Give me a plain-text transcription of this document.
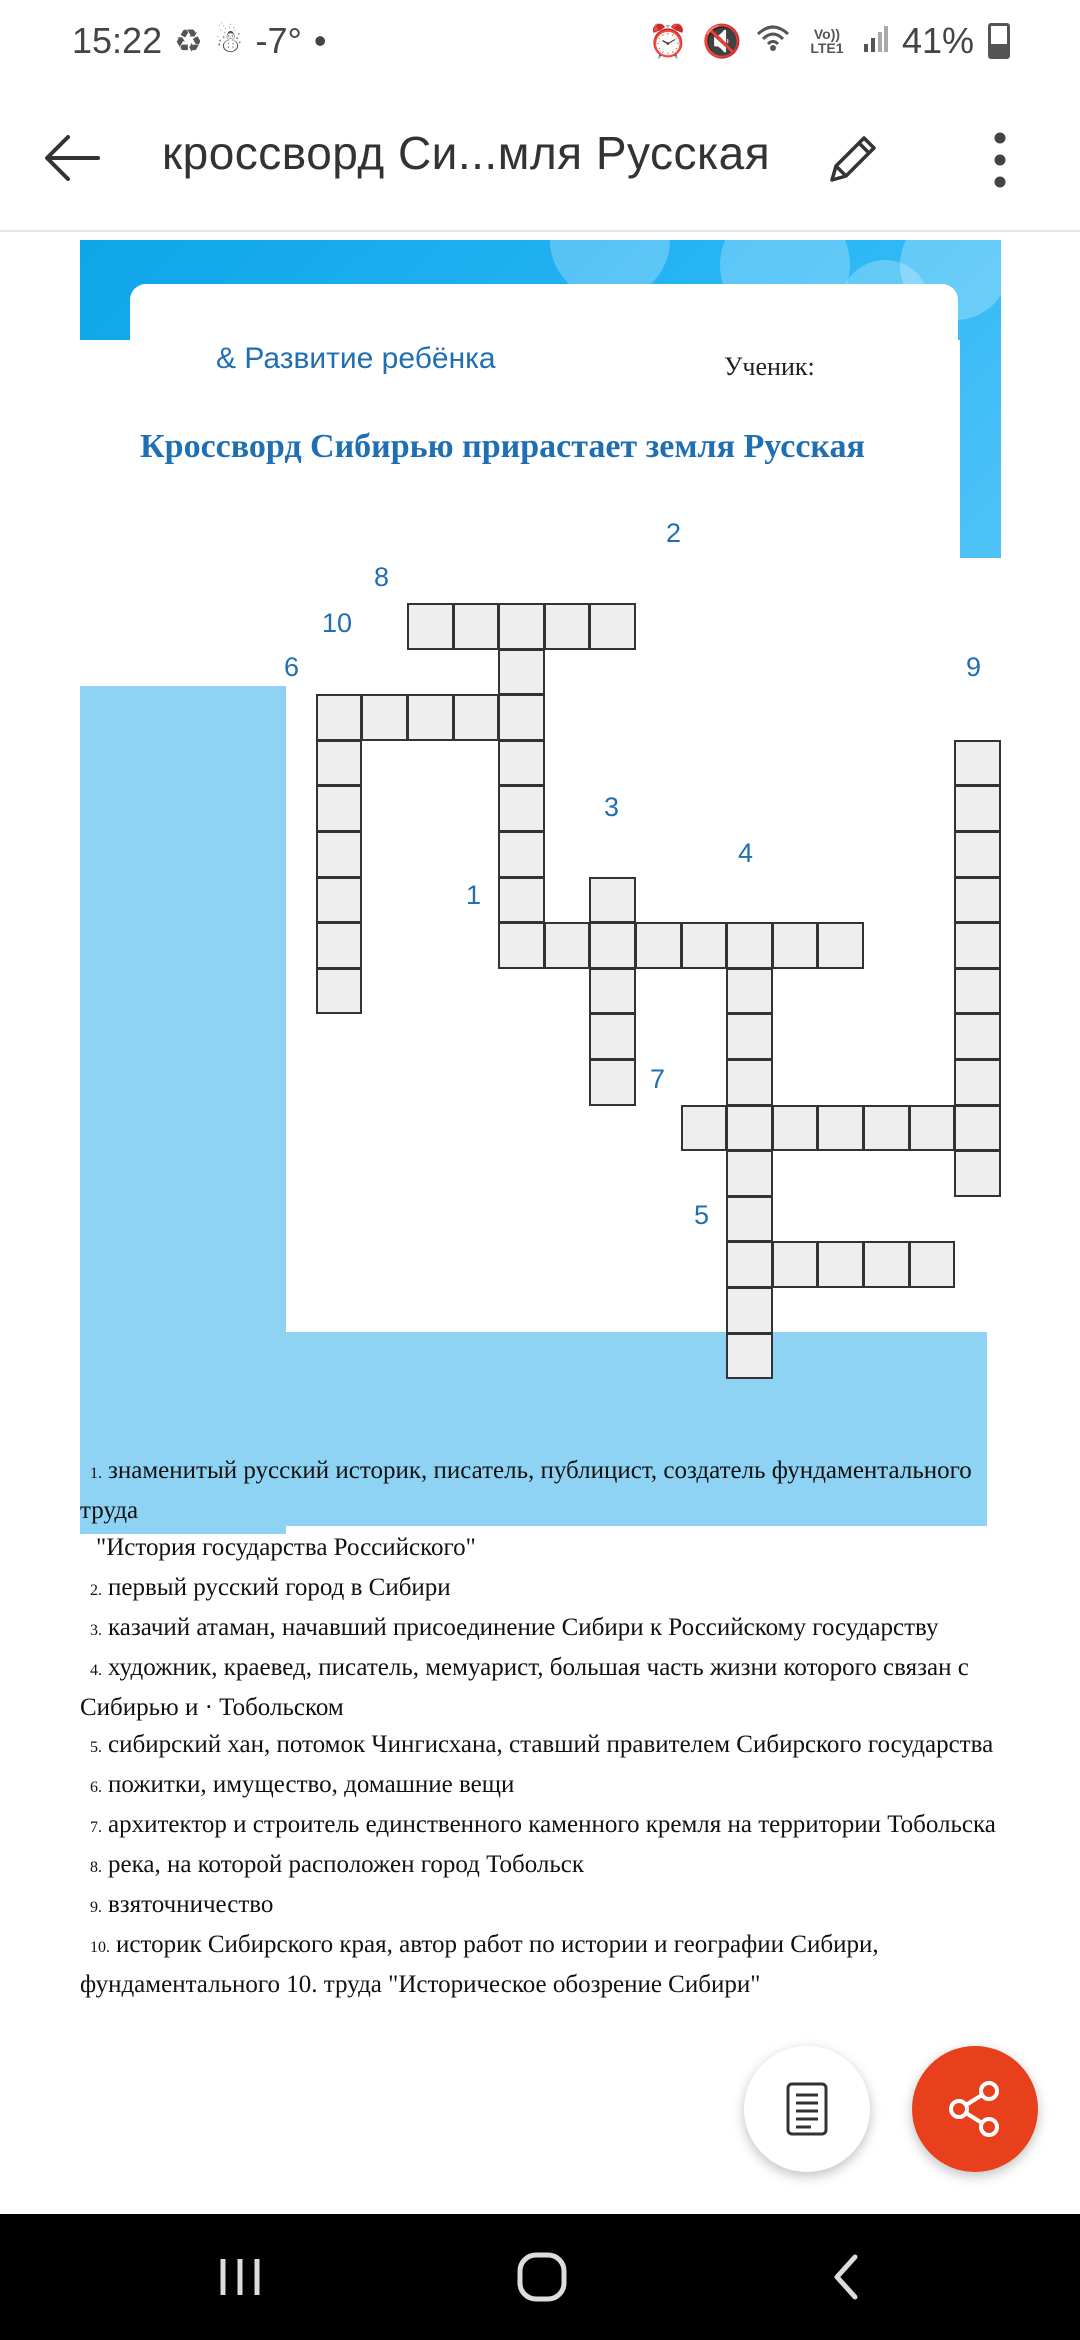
15:22 ♻ ☃ -7° •	⏰ 🔇	Vo)) LTE1 41%
кроссворд Си...мля Русская
& Развитие ребёнка	Ученик:
Кроссворд Сибирью прирастает земля Русская
8
2
10
6	9
3
4
1
7
5
1. знаменитый русский историк, писатель, публицист, создатель фундаментального труда
"История государства Российского"
2. первый русский город в Сибири
3. казачий атаман, начавший присоединение Сибири к Российскому государству
4. художник, краевед, писатель, мемуарист, большая часть жизни которого связан с Сибирью и · Тобольском
5. сибирский хан, потомок Чингисхана, ставший правителем Сибирского государства
6. пожитки, имущество, домашние вещи
7. архитектор и строитель единственного каменного кремля на территории Тобольска
8. река, на которой расположен город Тобольск
9. взяточничество
10. историк Сибирского края, автор работ по истории и географии Сибири, фундаментального 10. труда "Историческое обозрение Сибири"
